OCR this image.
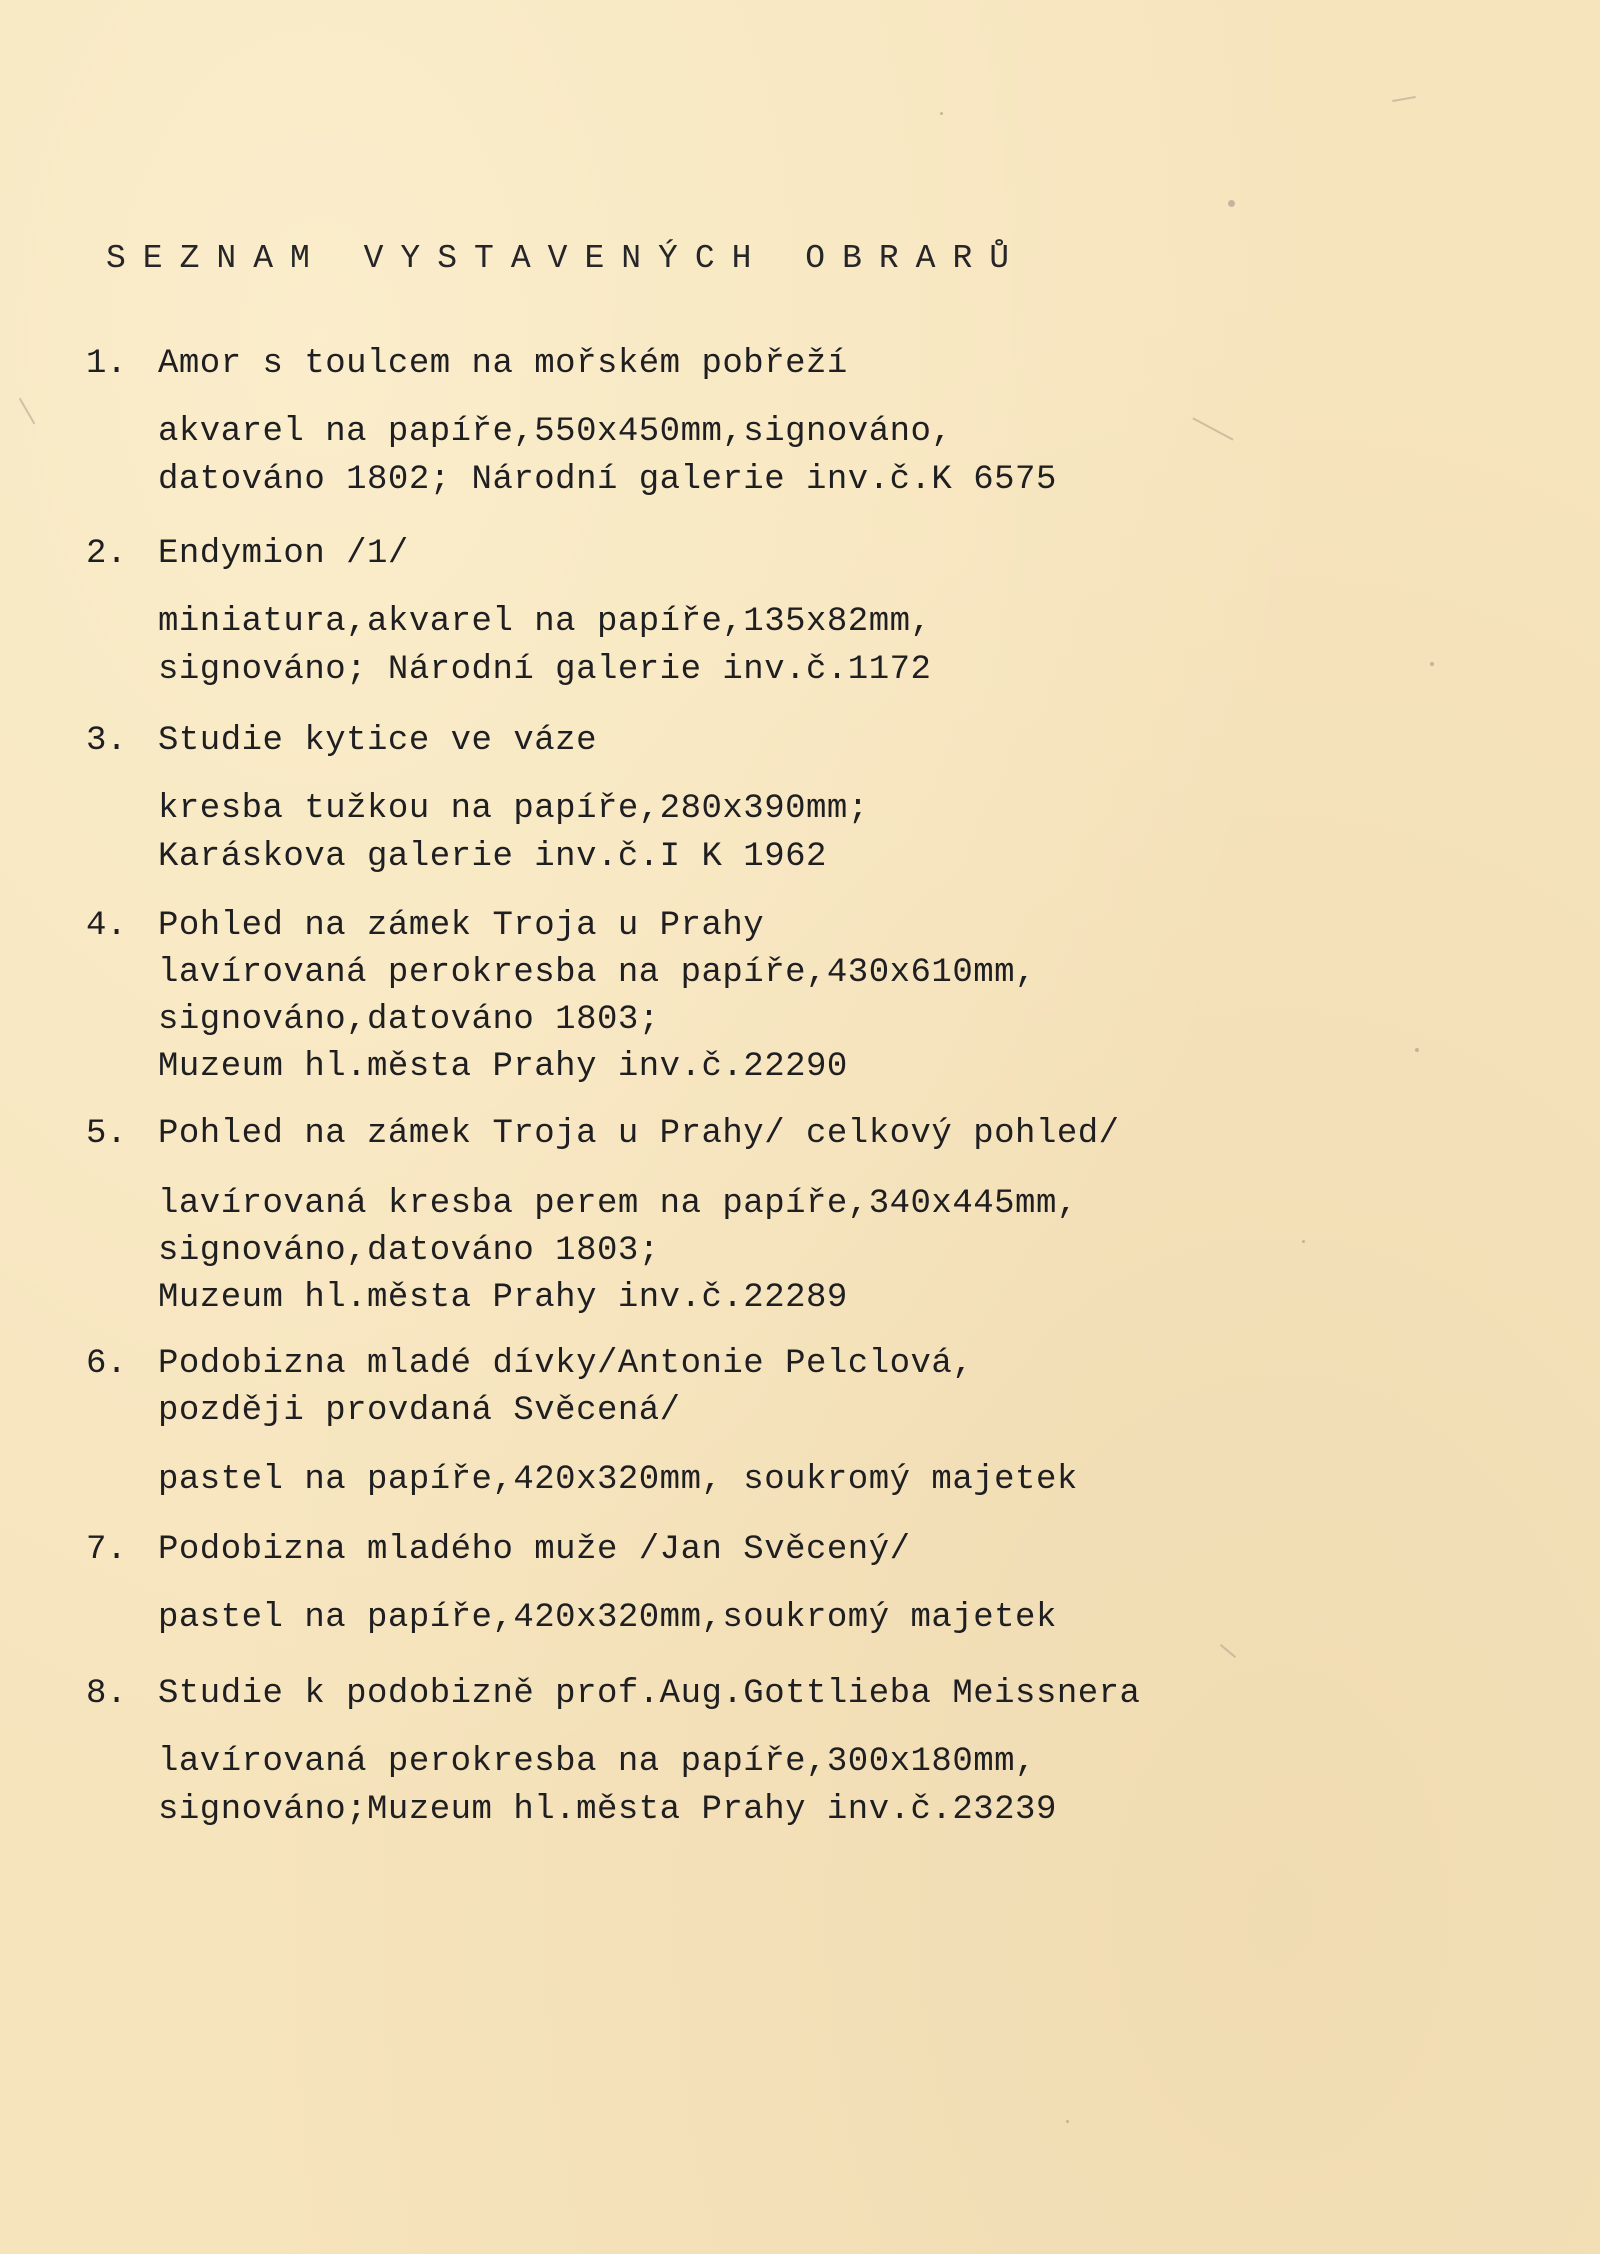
SEZNAM VYSTAVENÝCH OBRARŮ
1. Amor s toulcem na mořském pobřeží
akvarel na papíře,550x450mm,signováno,
datováno 1802; Národní galerie inv.č.K 6575
2. Endymion /1/
miniatura,akvarel na papíře,135x82mm,
signováno; Národní galerie inv.č.1172
3. Studie kytice ve váze
kresba tužkou na papíře,280x390mm;
Karáskova galerie inv.č.I K 1962
4. Pohled na zámek Troja u Prahy
lavírovaná perokresba na papíře,430x610mm,
signováno,datováno 1803;
Muzeum hl.města Prahy inv.č.22290
5. Pohled na zámek Troja u Prahy/ celkový pohled/
lavírovaná kresba perem na papíře,340x445mm,
signováno,datováno 1803;
Muzeum hl.města Prahy inv.č.22289
6. Podobizna mladé dívky/Antonie Pelclová,
později provdaná Svěcená/
pastel na papíře,420x320mm, soukromý majetek
7. Podobizna mladého muže /Jan Svěcený/
pastel na papíře,420x320mm,soukromý majetek
8. Studie k podobizně prof.Aug.Gottlieba Meissnera
lavírovaná perokresba na papíře,300x180mm,
signováno;Muzeum hl.města Prahy inv.č.23239
